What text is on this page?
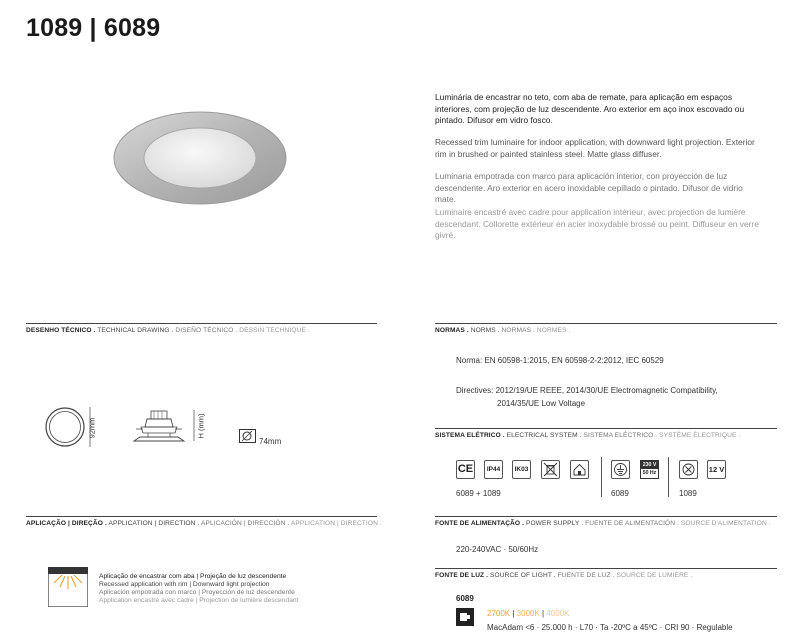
1089 | 6089
Luminária de encastrar no teto, com aba de remate, para aplicação em espaços interiores, com projeção de luz descendente. Aro exterior em aço inox escovado ou pintado. Difusor em vidro fosco.
Recessed trim luminaire for indoor application, with downward light projection. Exterior rim in brushed or painted stainless steel. Matte glass diffuser.
Luminaria empotrada con marco para aplicación interior, con proyección de luz descendente. Aro exterior en acero inoxidable cepillado o pintado. Difusor de vidrio mate.
Luminaire encastré avec cadre pour application intérieur, avec projection de lumière descendant. Collorette extérieur en acier inoxydable brossé ou peint. Diffuseur en verre givré.
DESENHO TÉCNICO . TECHNICAL DRAWING . DISEÑO TÉCNICO . DESSIN TECHNIQUE .
92mm	H (mm)
74mm
APLICAÇÃO | DIREÇÃO . APPLICATION | DIRECTION . APLICACIÓN | DIRECCIÓN . APPLICATION | DIRECTION .
Aplicação de encastrar com aba | Projeção de luz descendente
Recessed application with rim | Downward light projection
Aplicación empotrada con marco | Proyección de luz descendente
Application encastré avec cadre | Projection de lumière descendant
NORMAS . NORMS . NORMAS . NORMES .
Norma: EN 60598-1:2015, EN 60598-2-2:2012, IEC 60529
Directives: 2012/19/UE REEE, 2014/30/UE Electromagnetic Compatibility,
2014/35/UE Low Voltage
SISTEMA ELÉTRICO . ELECTRICAL SYSTEM . SISTEMA ELÉCTRICO . SYSTÈME ÉLECTRIQUE .
CE	IP44	IK03
230 V
50 Hz	12 V
6089 + 1089	6089	1089
FONTE DE ALIMENTAÇÃO . POWER SUPPLY . FUENTE DE ALIMENTACIÓN . SOURCE D'ALIMENTATION .
220-240VAC · 50/60Hz
FONTE DE LUZ . SOURCE OF LIGHT . FUENTE DE LUZ . SOURCE DE LUMIÈRE .
6089
2700K | 3000K | 4000K
MacAdam <6 · 25.000 h · L70 · Ta -20ºC a 45ºC · CRI 90 · Regulable
